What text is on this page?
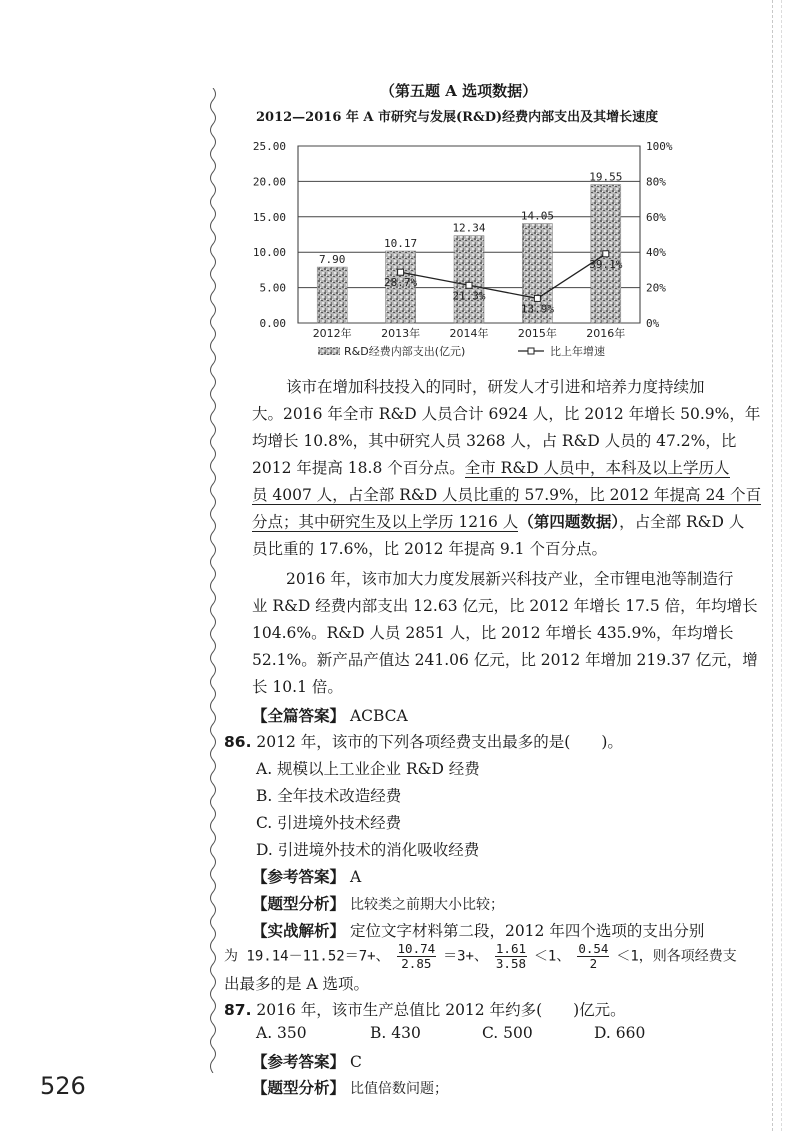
（第五题 A 选项数据）
2012—2016 年 A 市研究与发展(R&D)经费内部支出及其增长速度
0.00
5.00
10.00
15.00
20.00
25.00
0%
20%
40%
60%
80%
100%
7.90
2012年
10.17
2013年
12.34
2014年
14.05
2015年
19.55
2016年
28.7%
21.3%
13.9%
39.1%
R&D经费内部支出(亿元)	比上年增速
该市在增加科技投入的同时，研发人才引进和培养力度持续加
大。2016 年全市 R&D 人员合计 6924 人，比 2012 年增长 50.9%，年
均增长 10.8%，其中研究人员 3268 人，占 R&D 人员的 47.2%，比
2012 年提高 18.8 个百分点。全市 R&D 人员中，本科及以上学历人
员 4007 人，占全部 R&D 人员比重的 57.9%，比 2012 年提高 24 个百
分点；其中研究生及以上学历 1216 人（第四题数据），占全部 R&D 人
员比重的 17.6%，比 2012 年提高 9.1 个百分点。
2016 年，该市加大力度发展新兴科技产业，全市锂电池等制造行
业 R&D 经费内部支出 12.63 亿元，比 2012 年增长 17.5 倍，年均增长
104.6%。R&D 人员 2851 人，比 2012 年增长 435.9%，年均增长
52.1%。新产品产值达 241.06 亿元，比 2012 年增加 219.37 亿元，增
长 10.1 倍。
【全篇答案】 ACBCA
86. 2012 年，该市的下列各项经费支出最多的是(　　)。
A. 规模以上工业企业 R&D 经费
B. 全年技术改造经费
C. 引进境外技术经费
D. 引进境外技术的消化吸收经费
【参考答案】 A
【题型分析】 比较类之前期大小比较；
【实战解析】 定位文字材料第二段，2012 年四个选项的支出分别
为 19.14－11.52＝7+、 $\frac{10.74}{2.85} =3+$、 $\frac{1.61}{3.58} <1$、 $\frac{0.54}{2} <1$，则各项经费支
出最多的是 A 选项。
87. 2016 年，该市生产总值比 2012 年约多(　　)亿元。
A. 350	B. 430	C. 500	D. 660
【参考答案】 C
【题型分析】 比值倍数问题；
526
